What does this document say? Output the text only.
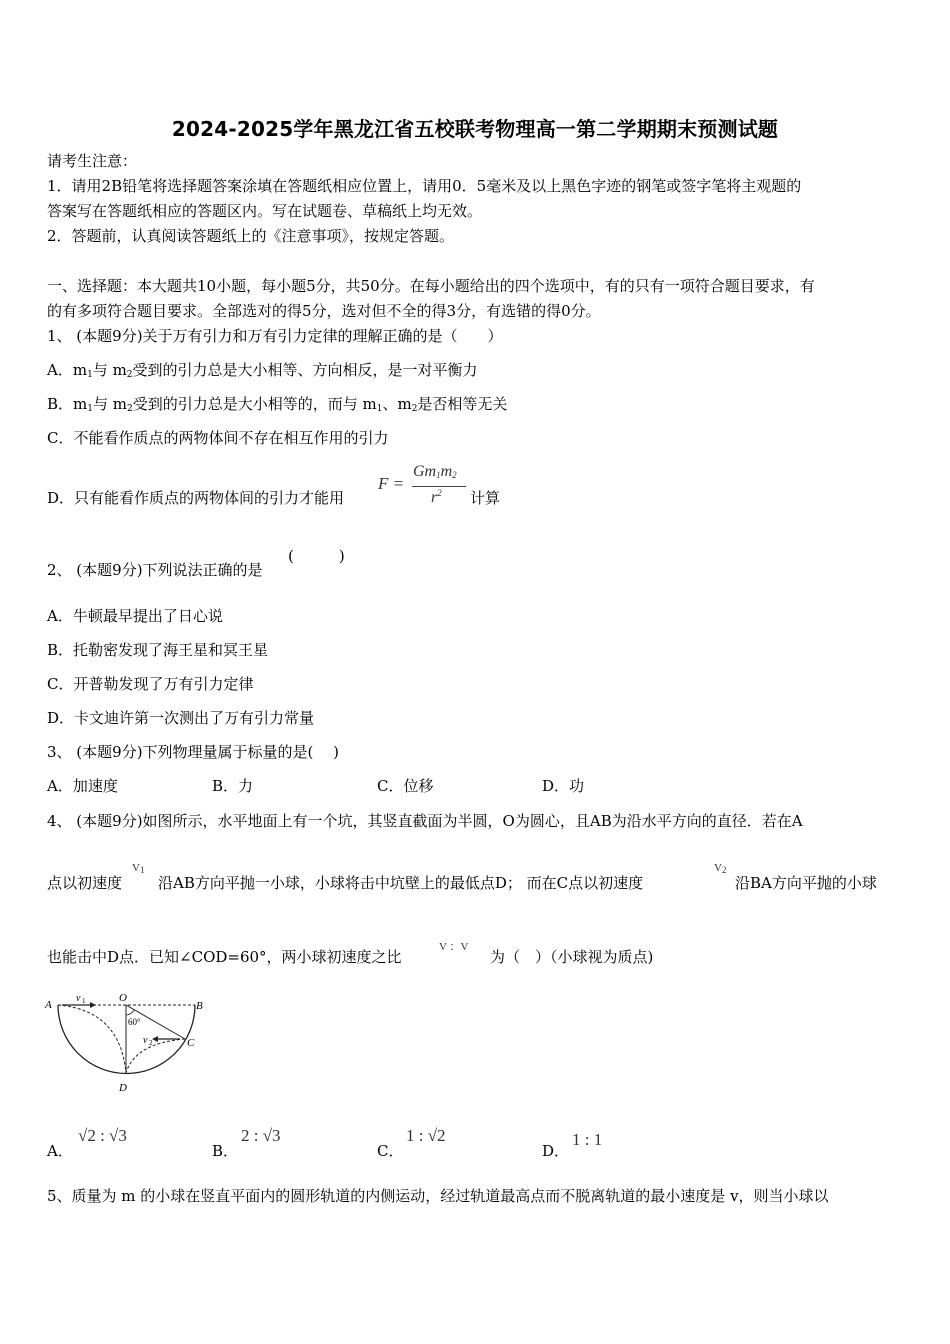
2024-2025学年黑龙江省五校联考物理高一第二学期期末预测试题
请考生注意：
1．请用2B铅笔将选择题答案涂填在答题纸相应位置上，请用0．5毫米及以上黑色字迹的钢笔或签字笔将主观题的
答案写在答题纸相应的答题区内。写在试题卷、草稿纸上均无效。
2．答题前，认真阅读答题纸上的《注意事项》，按规定答题。
一、选择题：本大题共10小题，每小题5分，共50分。在每小题给出的四个选项中，有的只有一项符合题目要求，有
的有多项符合题目要求。全部选对的得5分，选对但不全的得3分，有选错的得0分。
1、 (本题9分)关于万有引力和万有引力定律的理解正确的是（　　）
A．$m_1$与 $m_2$受到的引力总是大小相等、方向相反，是一对平衡力
B．$m_1$与 $m_2$受到的引力总是大小相等的，而与 $m_1$、$m_2$是否相等无关
C．不能看作质点的两物体间不存在相互作用的引力
D．只有能看作质点的两物体间的引力才能用
F =
$Gm_1m_2$
$r^2$ 计算
2、 (本题9分)下列说法正确的是
(　　　)
A．牛顿最早提出了日心说
B．托勒密发现了海王星和冥王星
C．开普勒发现了万有引力定律
D．卡文迪许第一次测出了万有引力常量
3、 (本题9分)下列物理量属于标量的是(　 )
A．加速度	B．力	C．位移	D．功
4、 (本题9分)如图所示，水平地面上有一个坑，其竖直截面为半圆，O为圆心，且AB为沿水平方向的直径．若在A
点以初速度
$V_1$
沿AB方向平抛一小球，小球将击中坑壁上的最低点D； 而在C点以初速度
$V_2$
沿BA方向平抛的小球
也能击中D点．已知∠COD=60°，两小球初速度之比
V ：V
为（　）（小球视为质点)
A	B
O
C
D
v 1
v 2
60°
A．
√2 : √3
B．
2 : √3
C．
1 : √2
D．
1 : 1
5、质量为 m 的小球在竖直平面内的圆形轨道的内侧运动，经过轨道最高点而不脱离轨道的最小速度是 v，则当小球以
